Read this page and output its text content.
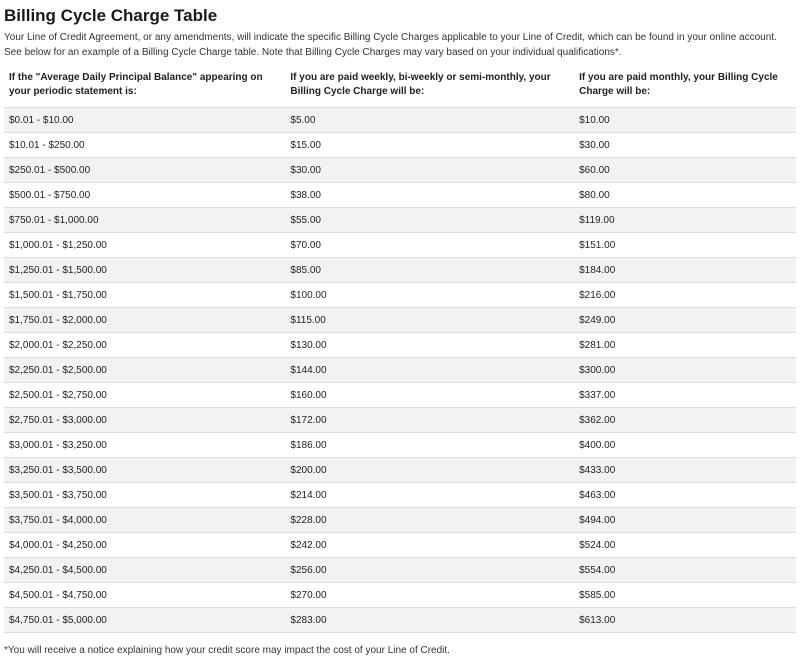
Billing Cycle Charge Table

Your Line of Credit Agreement, or any amendments, will indicate the specific Billing Cycle Charges applicable to your Line of Credit, which can be found in your online account. See below for an example of a Billing Cycle Charge table. Note that Billing Cycle Charges may vary based on your individual qualifications*.

If the "Average Daily Principal Balance" appearing on your periodic statement is:	If you are paid weekly, bi-weekly or semi-monthly, your Billing Cycle Charge will be:	If you are paid monthly, your Billing Cycle Charge will be:
$0.01 - $10.00	$5.00	$10.00
$10.01 - $250.00	$15.00	$30.00
$250.01 - $500.00	$30.00	$60.00
$500.01 - $750.00	$38.00	$80.00
$750.01 - $1,000.00	$55.00	$119.00
$1,000.01 - $1,250.00	$70.00	$151.00
$1,250.01 - $1,500.00	$85.00	$184.00
$1,500.01 - $1,750.00	$100.00	$216.00
$1,750.01 - $2,000.00	$115.00	$249.00
$2,000.01 - $2,250.00	$130.00	$281.00
$2,250.01 - $2,500.00	$144.00	$300.00
$2,500.01 - $2,750.00	$160.00	$337.00
$2,750.01 - $3,000.00	$172.00	$362.00
$3,000.01 - $3,250.00	$186.00	$400.00
$3,250.01 - $3,500.00	$200.00	$433.00
$3,500.01 - $3,750.00	$214.00	$463.00
$3,750.01 - $4,000.00	$228.00	$494.00
$4,000.01 - $4,250.00	$242.00	$524.00
$4,250.01 - $4,500.00	$256.00	$554.00
$4,500.01 - $4,750.00	$270.00	$585.00
$4,750.01 - $5,000.00	$283.00	$613.00

*You will receive a notice explaining how your credit score may impact the cost of your Line of Credit.
